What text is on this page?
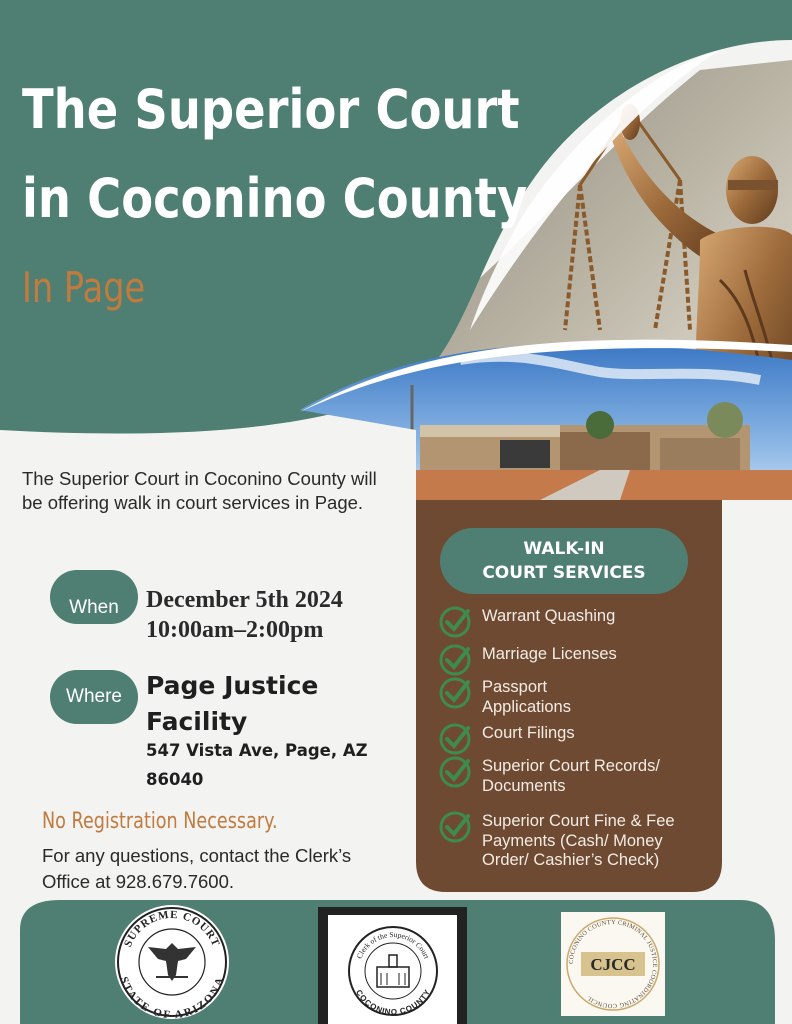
The Superior Court
in Coconino County
In Page
The Superior Court in Coconino County will be offering walk in court services in Page.
When	December 5th 2024
10:00am–2:00pm
Where Page Justice Facility
547 Vista Ave, Page, AZ 86040
No Registration Necessary.
For any questions, contact the Clerk’s Office at 928.679.7600.
WALK-IN
COURT SERVICES
Warrant Quashing
Marriage Licenses
Passport Applications
Court Filings
Superior Court Records/ Documents
Superior Court Fine & Fee Payments (Cash/ Money Order/ Cashier’s Check)
SUPREME COURT
STATE OF ARIZONA
Clerk of the Superior Court
COCONINO COUNTY
COCONINO COUNTY CRIMINAL JUSTICE COORDINATING COUNCIL
CJCC
